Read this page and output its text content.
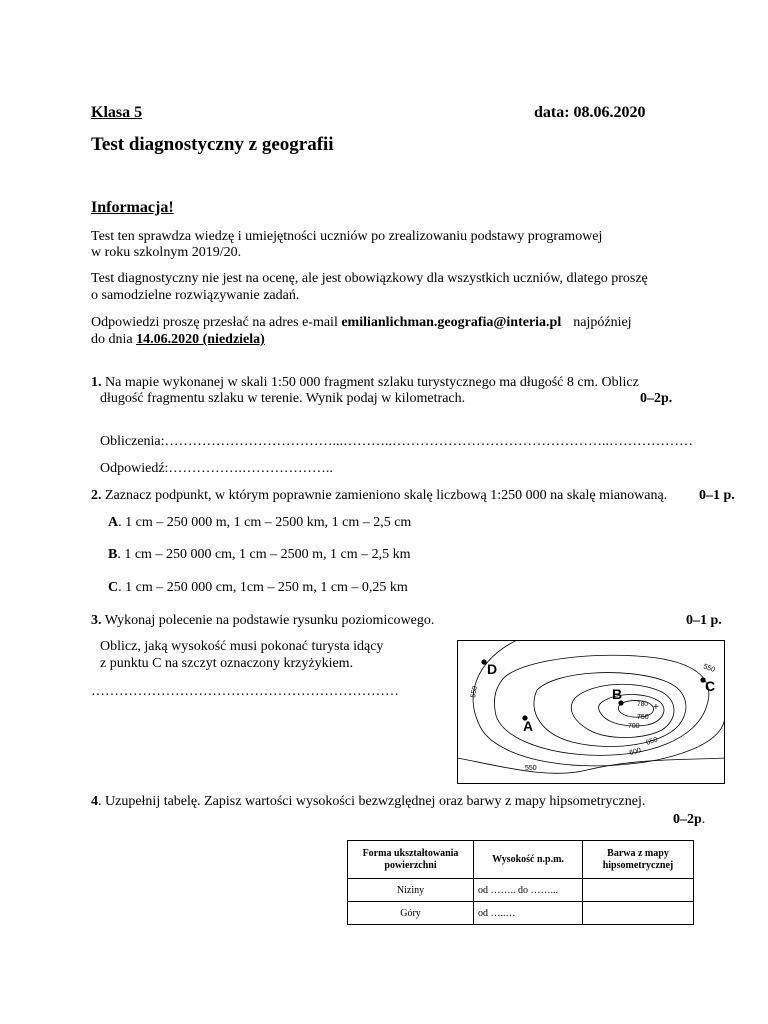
Klasa 5	data: 08.06.2020
Test diagnostyczny z geografii
Informacja!
Test ten sprawdza wiedzę i umiejętności uczniów po zrealizowaniu podstawy programowej
w roku szkolnym 2019/20.
Test diagnostyczny nie jest na ocenę, ale jest obowiązkowy dla wszystkich uczniów, dlatego proszę
o samodzielne rozwiązywanie zadań.
Odpowiedzi proszę przesłać na adres e-mail emilianlichman.geografia@interia.pl najpóźniej
do dnia 14.06.2020 (niedziela)
1. Na mapie wykonanej w skali 1:50 000 fragment szlaku turystycznego ma długość 8 cm. Oblicz
długość fragmentu szlaku w terenie. Wynik podaj w kilometrach.	0–2p.
Obliczenia:………………………………...………..………………………………………..………………
Odpowiedź:…………….………………..
2. Zaznacz podpunkt, w którym poprawnie zamieniono skalę liczbową 1:250 000 na skalę mianowaną. 0–1 p.
A. 1 cm – 250 000 m, 1 cm – 2500 km, 1 cm – 2,5 cm
B. 1 cm – 250 000 cm, 1 cm – 2500 m, 1 cm – 2,5 km
C. 1 cm – 250 000 cm, 1cm – 250 m, 1 cm – 0,25 km
3. Wykonaj polecenie na podstawie rysunku poziomicowego.	0–1 p.
Oblicz, jaką wysokość musi pokonać turysta idący
z punktu C na szczyt oznaczony krzyżykiem.
…………………………………………………………
D
B	C
A
+
550
550
550
600
650
700
750
780
4. Uzupełnij tabelę. Zapisz wartości wysokości bezwzględnej oraz barwy z mapy hipsometrycznej.
0–2p.
Forma ukształtowania powierzchni	Wysokość n.p.m.	Barwa z mapy hipsometrycznej
Niziny	od …….. do ……...	
Góry	od …..…	
